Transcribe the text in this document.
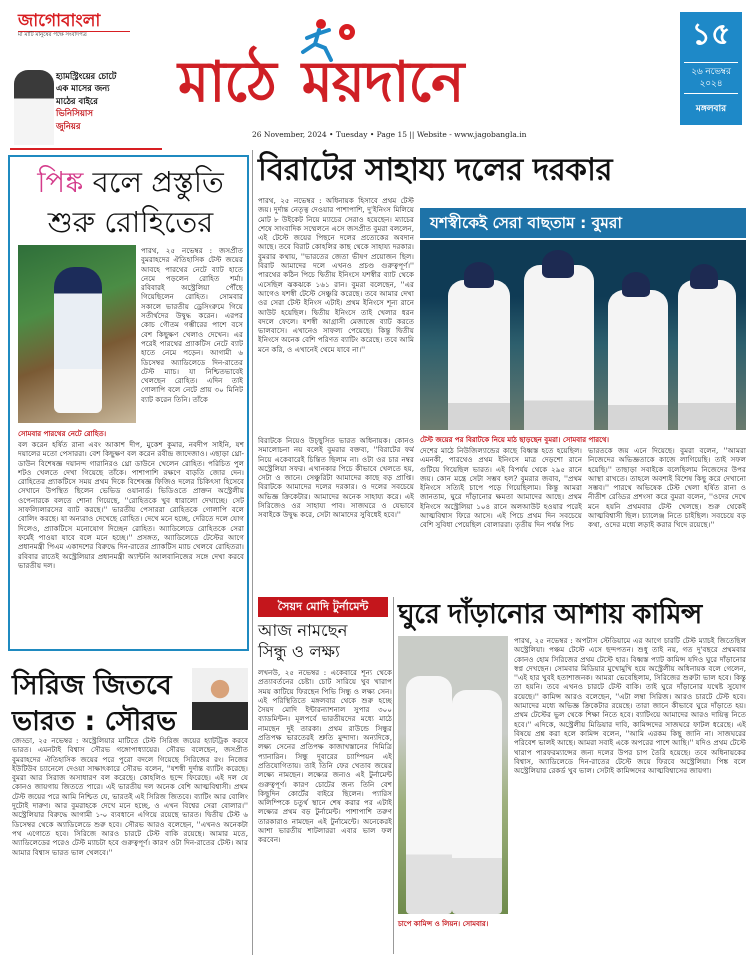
জাগোবাংলা
মা মাটি মানুষের পক্ষে সংবাদপত্র
হ্যামস্ট্রিংয়ের চোটে
এক মাসের জন্য
মাঠের বাইরে
ভিনিসিয়াস
জুনিয়র
মাঠে ময়দানে
26 November, 2024 • Tuesday • Page 15 || Website - www.jagobangla.in
১৫
২৬ নভেম্বর ২০২৪
মঙ্গলবার
পিঙ্ক বলে প্রস্তুতি
শুরু রোহিতের
সোমবার পারথের নেটে রোহিত।
পারথ, ২৫ নভেম্বর : জসপ্রীত বুমরাহদের ঐতিহাসিক টেস্ট জয়ের আবহে পারথের নেটে ব্যাট হাতে নেমে পড়লেন রোহিত শর্মা। রবিবারই অস্ট্রেলিয়া পৌঁছে গিয়েছিলেন রোহিত। সোমবার সকালে ভারতীয় ড্রেসিংরুমে গিয়ে সতীর্থদের উদ্বুদ্ধ করেন। এরপর কোচ গৌতম গম্ভীরের পাশে বসে বেশ কিছুক্ষণ খেলাও দেখেন। এর পরেই পারথের প্র্যাকটিস নেটে ব্যাট হাতে নেমে পড়েন। আগামী ৬ ডিসেম্বর অ্যাডিলেডে দিন-রাতের টেস্ট ম্যাচ। যা নিশ্চিতভাবেই খেলছেন রোহিত। এদিন তাই গোলাপি বলে নেটে প্রায় ৩০ মিনিট ব্যাট করেন তিনি। তাঁকে
বল করেন হর্ষিত রানা এবং আকাশ দীপ, মুকেশ কুমার, নবদীপ সাইনি, যশ দয়ালের মতো পেসাররা। বেশ কিছুক্ষণ বল করেন রবীন্দ্র জাদেজাও। এছাড়া থ্রো-ডাউন বিশেষজ্ঞ দয়ানন্দ গারানিরও থ্রো ডাউনে খেলেন রোহিত। পরিচিত পুল শটও খেলতে দেখা গিয়েছে তাঁকে। পাশাপাশি রক্ষণে বাড়তি জোর দেন। রোহিতের প্র্যাকটিসে সময় প্রথম দিকে বিশেষজ্ঞ ফিজিও দলের চিকিৎসা হিসেবে সেখানে উপস্থিত ছিলেন ভেভিড ওয়ানার্ড। ভিডিওতে প্রাক্তন অস্ট্রেলীয় ওপেনারকে বলতে শোনা গিয়েছে, ''রোহিতকে খুব ধারালো দেখাচ্ছে। সেট সাফল্যিলারসের ব্যাট করছে।'' ভারতীয় পেসাররা রোহিতকে গোলাপি বলে বোলিং করছে। যা অন্যরাও দেখেছে রোহিত। দেখে মনে হচ্ছে, দেরিতে দলে যোগ দিলেও, প্র্যাকটিসে মনোযোগ দিচ্ছেন রোহিত। অ্যাডিলেডে রোহিতকে সেরা ফর্মেই পাওয়া যাবে বলে মনে হচ্ছে।'' প্রসঙ্গত, অ্যাডিলেডে টেস্টের আগে প্রধানমন্ত্রী পিএম একাদশের বিরুদ্ধে দিন-রাতের প্র্যাকটিস ম্যাচ খেলবে রোহিতরা। রবিবার রাতেই অস্ট্রেলিয়ার প্রধানমন্ত্রী অ্যান্টনি আলবানিজের সঙ্গে দেখা করবে ভারতীয় দল।
সিরিজ জিতবে
ভারত : সৌরভ
জেড্ডা, ২৫ নভেম্বর : অস্ট্রেলিয়ার মাটিতে টেস্ট সিরিজ জয়ের হ্যাটট্রিক করবে ভারত। এমনটাই বিশ্বাস সৌরভ গঙ্গোপাধ্যায়ের। সৌরভ বলেছেন, জসপ্রীত বুমরাহদের ঐতিহাসিক জয়ের পরে পুরো বদলে গিয়েছে সিরিজের রং। নিজের ইউটিউব চ্যানেলে দেওয়া সাক্ষাৎকারে সৌরভ বলেন, ''যশস্বী দুর্দান্ত ব্যাটিং করেছে। বুমরা আর সিরাজ অসাধারণ বল করেছে। কোহলিও ছন্দে ফিরেছে। এই দল যে কোনও জায়গায় জিততে পারে। এই ভারতীয় দল অনেক বেশি আত্মবিশ্বাসী। প্রথম টেস্ট জয়ের পরে আমি নিশ্চিত যে, ভারতই এই সিরিজ জিতবে। ব্যাটিং আর বোলিং দুটোই দারুণ। আর বুমরাহকে দেখে মনে হচ্ছে, ও এখন বিশ্বের সেরা বোলার।'' অস্ট্রেলিয়ার বিরুদ্ধে আগামী ১-০ ব্যবধানে এগিয়ে রয়েছে ভারত। দ্বিতীয় টেস্ট ৬ ডিসেম্বর থেকে অ্যাডিলেডে শুরু হবে। সৌরভ আরও বলেছেন, ''এখনও অনেকটা পথ এগোতে হবে। সিরিজে আরও চারটে টেস্ট বাকি রয়েছে। আমার মতে, অ্যাডিলেডের পরেও টেস্ট ম্যাচটা হবে গুরুত্বপূর্ণ। কারণ ওটা দিন-রাতের টেস্ট। আর আমার বিশ্বাস ভারত ভাল খেলবে।''
বিরাটের সাহায্য দলের দরকার
পারথ, ২৫ নভেম্বর : অধিনায়ক হিসাবে প্রথম টেস্ট জয়। দুর্দান্ত নেতৃত্ব দেওয়ার পাশাপাশি, দু'ইনিংস মিলিয়ে মোট ৮ উইকেট নিয়ে ম্যাচের সেরাও হয়েছেন। ম্যাচের শেষে সাংবাদিক সম্মেলনে এসে জসপ্রীত বুমরা বললেন, এই টেস্টে জয়ের পিছনে দলের প্রত্যেকের অবদান আছে। তবে বিরাট কোহলির কাছ থেকে সাহায্য দরকার। বুমরার কথায়, ''ভারতের জেতা ভীষণ প্রয়োজন ছিল। বিরাট আমাদের দলে এখনও প্রচণ্ড গুরুত্বপূর্ণ।'' পারথের কঠিন পিচে দ্বিতীয় ইনিংসে যশস্বীর ব্যাট থেকে এসেছিল ঝকঝকে ১৬১ রান। বুমরা বলেছেন, ''এর আগেও যশস্বী টেস্টে সেঞ্চুরি করেছে। তবে আমার দেখা ওর সেরা টেস্ট ইনিংস এটাই। প্রথম ইনিংসে শূন্য রানে আউট হয়েছিল। দ্বিতীয় ইনিংসে তাই খেলার ধরন বদলে ফেলে। যশস্বী আগ্রাসী মেজাজে ব্যাট করতে ভালবাসে। এখানেও সাফল্য পেয়েছে। কিন্তু দ্বিতীয় ইনিংসে অনেক বেশি পরিণত ব্যাটিং করেছে। তবে আমি মনে করি, ও এখানেই থেমে যাবে না।''
যশস্বীকেই সেরা বাছতাম : বুমরা
টেস্ট জয়ের পর বিরাটকে নিয়ে মাঠ ছাড়ছেন বুমরা। সোমবার পারথে।
বিরাটকে নিয়েও উচ্ছ্বসিত ভারত অধিনায়ক। কোনও সমালোচনা নয় বলেই বুমরার বক্তব্য, ''বিরাটের ফর্ম নিয়ে একেবারেই চিন্তিত ছিলাম না। ওটা ওর চার নম্বর অস্ট্রেলিয়া সফর। এখানকার পিচে কীভাবে খেলতে হয়, সেটা ও জানে। সেঞ্চুরিটা আমাদের কাছে বড় প্রাপ্তি। বিরাটকে আমাদের দলের দরকার। ও দলের সবচেয়ে অভিজ্ঞ ক্রিকেটার। আমাদের অনেক সাহায্য করে। এই সিরিজেও ওর সাহায্য পাব। সাজঘরে ও যেভাবে সবাইকে উদ্বুদ্ধ করে, সেটা আমাদের সুবিধেই হবে।''
দেশের মাঠে নিউজিল্যান্ডের কাছে বিধ্বস্ত হতে হয়েছিল। এমনকী, পারথেও প্রথম ইনিংসে মাত্র দেড়শো রানে গুটিয়ে গিয়েছিল ভারত। এই বিপর্যয় থেকে ২৯৫ রানে জয়। কোন মন্ত্রে সেটা সম্ভব হল? বুমরার জবাব, ''প্রথম ইনিংসে সত্যিই চাপে পড়ে গিয়েছিলাম। কিন্তু আমরা জানতাম, ঘুরে দাঁড়ানোর ক্ষমতা আমাদের আছে। প্রথম ইনিংসে অস্ট্রেলিয়া ১০৪ রানে অলআউট হওয়ার পরেই আত্মবিশ্বাস ফিরে আসে। এই পিচে প্রথম দিন সবচেয়ে বেশি সুবিধা পেয়েছিল বোলাররা। তৃতীয় দিন পর্যন্ত পিচ
ভারতকে জয় এনে দিয়েছে। বুমরা বলেন, ''আমরা নিজেদের অভিজ্ঞতাকে কাজে লাগিয়েছি। তাই সফল হয়েছি।'' তাছাড়া সবাইকে বলেছিলাম নিজেদের উপর আস্থা রাখতে। তাহলে অবশ্যই বিশেষ কিছু করে দেখানো সম্ভব।'' পারথে অভিষেক টেস্ট খেলা হর্ষিত রানা ও নীতীশ রেড্ডির প্রশংসা করে বুমরা বলেন, ''ওদের দেখে মনে হয়নি প্রথমবার টেস্ট খেলছে। শুরু থেকেই আত্মবিশ্বাসী ছিল। চ্যালেঞ্জ নিতে চাইছিল। সবচেয়ে বড় কথা, ওদের মধ্যে লড়াই করার খিদে রয়েছে।''
সৈয়দ মোদি টুর্নামেন্ট
আজ নামছেন
সিন্ধু ও লক্ষ্য
লখনউ, ২৫ নভেম্বর : একেবারে শূন্য থেকে প্রত্যাবর্তনের চেষ্টা। চোট সারিয়ে খুব খারাপ সময় কাটিয়ে ফিরছেন পিভি সিন্ধু ও লক্ষ্য সেন। এই পরিস্থিতিতে মঙ্গলবার থেকে শুরু হচ্ছে সৈয়দ মোদি ইন্টারন্যাশনাল সুপার ৩০০ ব্যাডমিন্টন। মূলপর্বে ভারতীয়দের মধ্যে মাঠে নামছেন দুই তারকা। প্রথম রাউন্ডে সিন্ধুর প্রতিপক্ষ ভারতেরই শ্রুতি মুন্দাদা। অন্যদিকে, লক্ষ্য সেনের প্রতিপক্ষ কাজাখস্তানের দিমিত্রি প্যানারিন। সিন্ধু দুবারের চ্যাম্পিয়ন এই প্রতিযোগিতায়। তাই তিনি ফের খেতাব জয়ের লক্ষ্যে নামছেন। লক্ষ্যের জন্যও এই টুর্নামেন্ট গুরুত্বপূর্ণ। কারণ চোটের জন্য তিনি বেশ কিছুদিন কোর্টের বাইরে ছিলেন। প্যারিস অলিম্পিকে চতুর্থ স্থানে শেষ করার পর এটাই লক্ষ্যের প্রথম বড় টুর্নামেন্ট। পাশাপাশি তরুণ তারকারাও নামছেন এই টুর্নামেন্টে। অনেকেরই আশা ভারতীয় শাটলাররা এবার ভাল ফল করবেন।
ঘুরে দাঁড়ানোর আশায় কামিন্স
চাপে কামিন্স ও লিয়ন। সোমবার।
পারথ, ২৫ নভেম্বর : অপটাস স্টেডিয়ামে এর আগে চারটি টেস্ট ম্যাচই জিতেছিল অস্ট্রেলিয়া। পঞ্চম টেস্টে এসে ছন্দপতন। শুধু তাই নয়, গত দু'বছরে প্রথমবার কোনও হোম সিরিজের প্রথম টেস্টে হার। বিধ্বস্ত প্যাট কামিন্স যদিও ঘুরে দাঁড়ানোর স্বপ্ন দেখছেন। সোমবার মিডিয়ার মুখোমুখি হয়ে অস্ট্রেলীয় অধিনায়ক বলে গেলেন, ''এই হার খুবই হতাশাজনক। আমরা ভেবেছিলাম, সিরিজের শুরুটা ভাল হবে। কিন্তু তা হয়নি। তবে এখনও চারটে টেস্ট বাকি। তাই ঘুরে দাঁড়ানোর যথেষ্ট সুযোগ রয়েছে।'' কামিন্স আরও বলেছেন, ''এটা লম্বা সিরিজ। আরও চারটে টেস্ট হবে। আমাদের মধ্যে অভিজ্ঞ ক্রিকেটার রয়েছে। তারা জানে কীভাবে ঘুরে দাঁড়াতে হয়। প্রথম টেস্টের ভুল থেকে শিক্ষা নিতে হবে। ব্যাটিংয়ে আমাদের আরও দায়িত্ব নিতে হবে।'' এদিকে, অস্ট্রেলীয় মিডিয়ার দাবি, কামিন্সদের সাজঘরে ফাটল ধরেছে। এই বিষয়ে প্রশ্ন করা হলে কামিন্স বলেন, ''আমি এরকম কিছু জানি না। সাজঘরের পরিবেশ ভালই আছে। আমরা সবাই একে অপরের পাশে আছি।'' যদিও প্রথম টেস্টে খারাপ পারফরম্যান্সের জন্য দলের উপর চাপ তৈরি হয়েছে। তবে অধিনায়কের বিশ্বাস, অ্যাডিলেডে দিন-রাতের টেস্টে জয়ে ফিরবে অস্ট্রেলিয়া। পিঙ্ক বলে অস্ট্রেলিয়ার রেকর্ড খুব ভাল। সেটাই কামিন্সদের আত্মবিশ্বাসের জায়গা।
